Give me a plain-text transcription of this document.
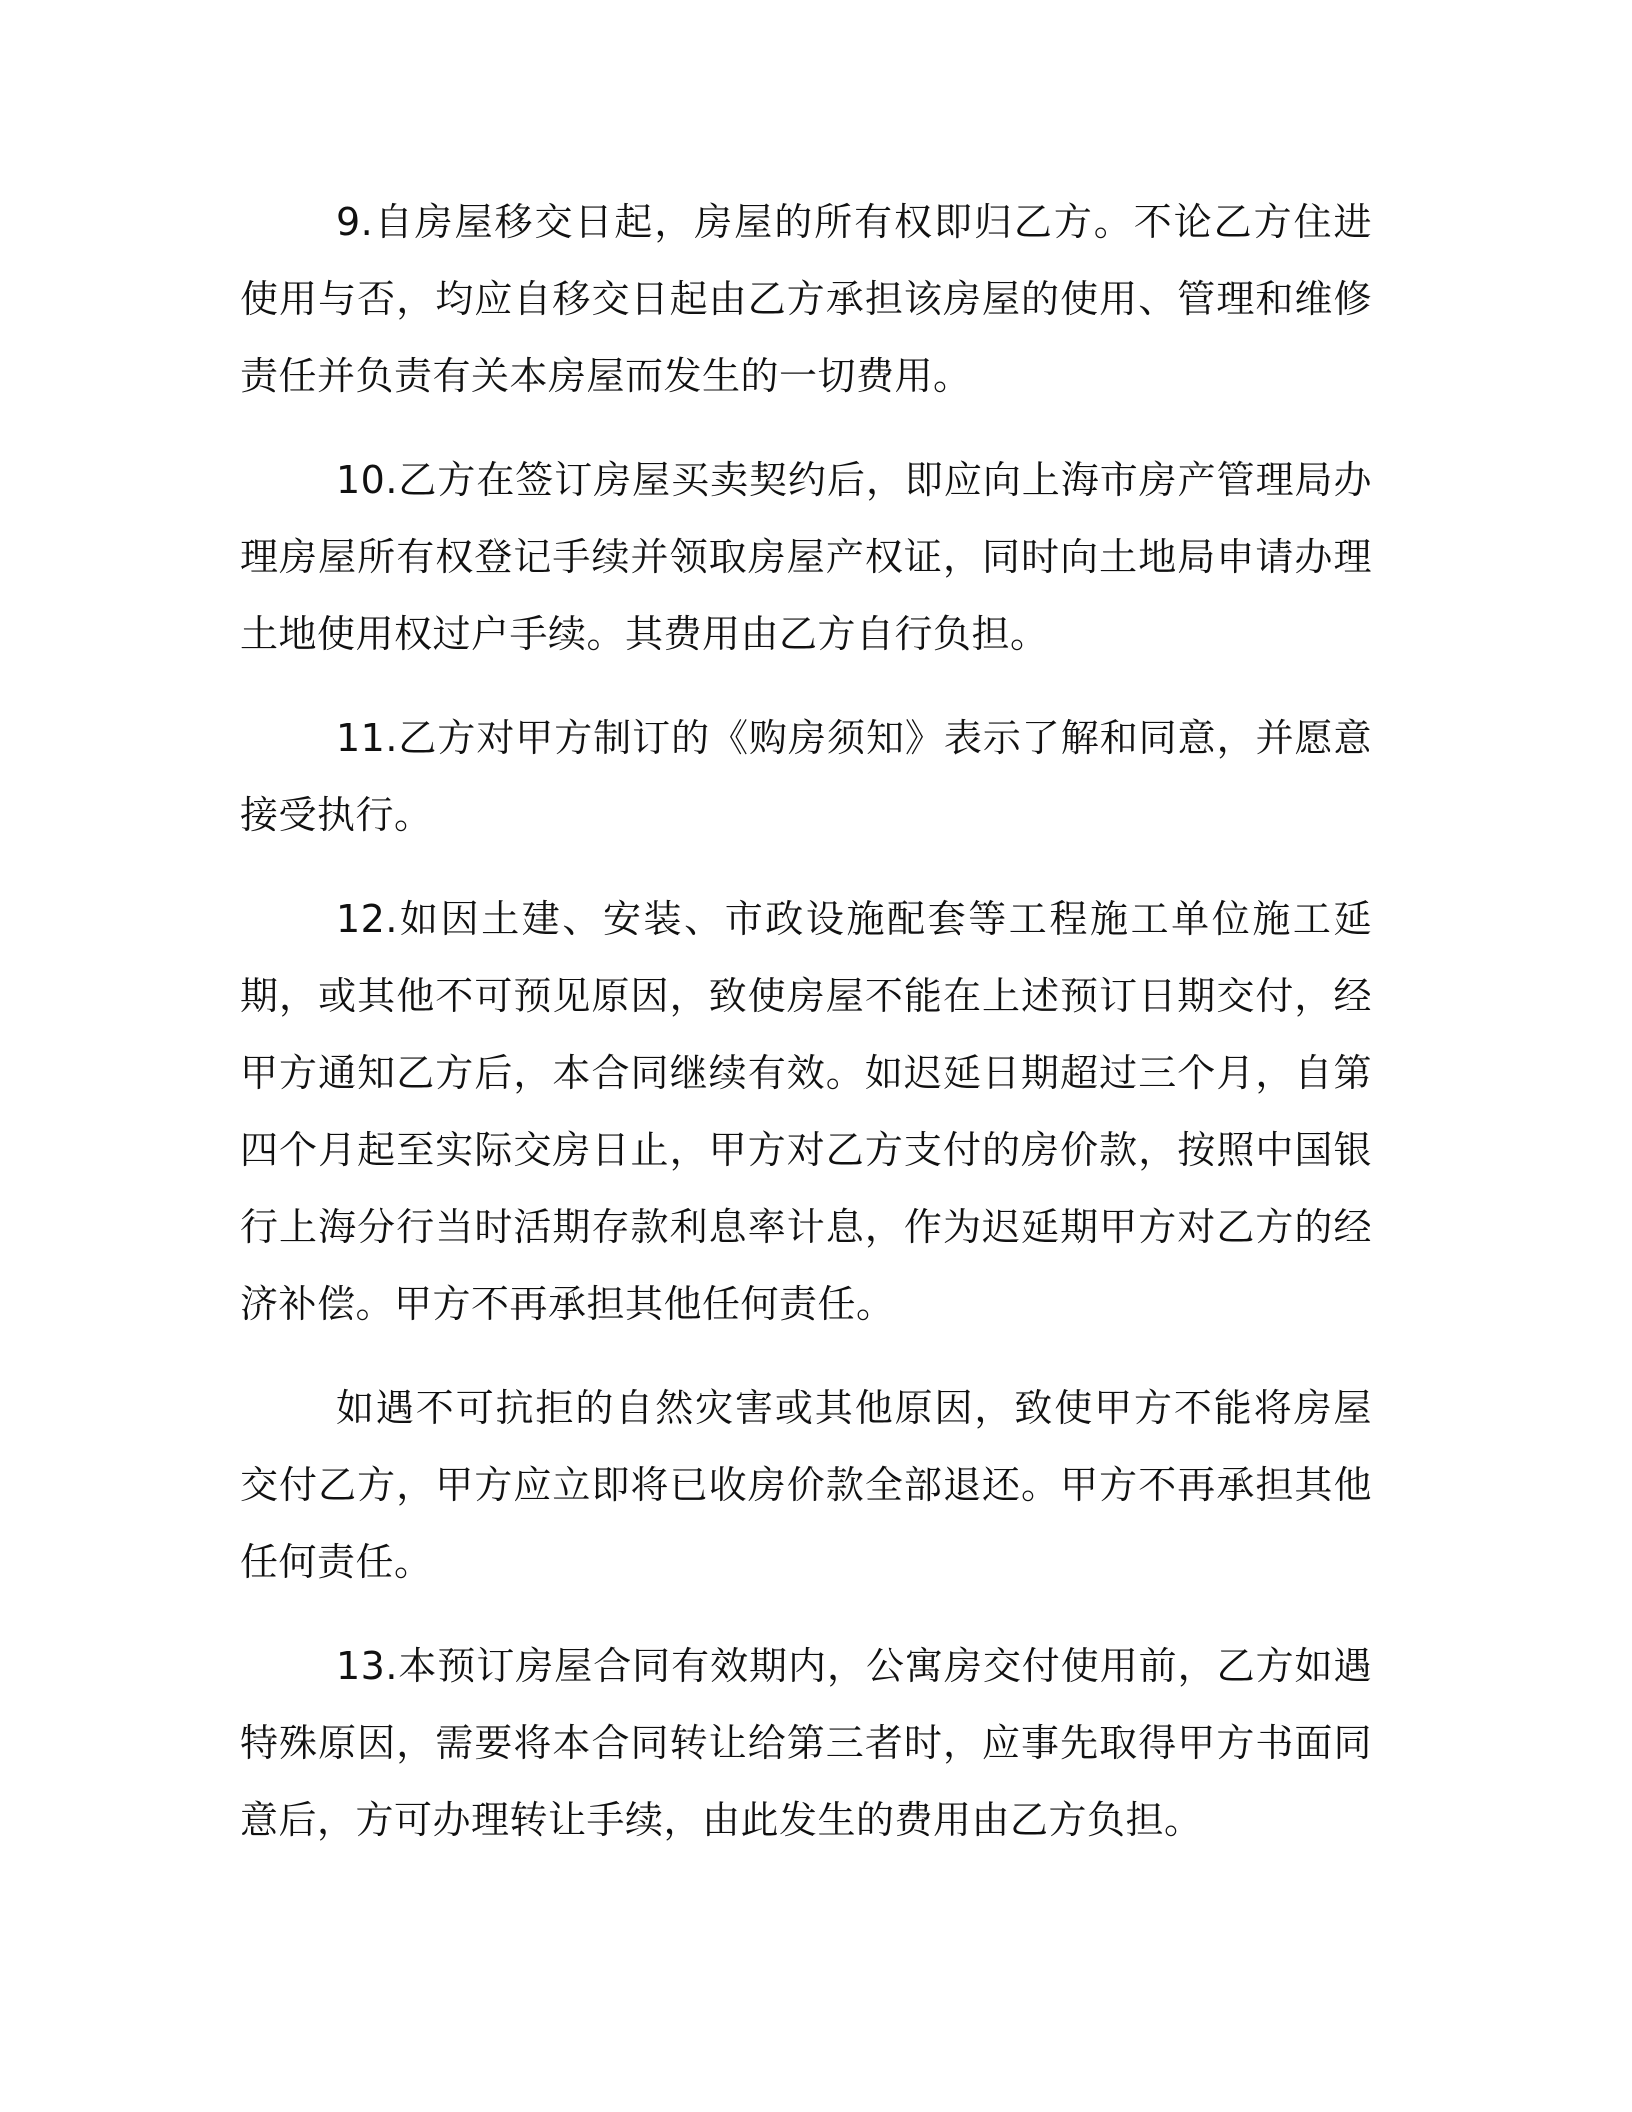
9.自房屋移交日起，房屋的所有权即归乙方。不论乙方住进使用与否，均应自移交日起由乙方承担该房屋的使用、管理和维修责任并负责有关本房屋而发生的一切费用。

10.乙方在签订房屋买卖契约后，即应向上海市房产管理局办理房屋所有权登记手续并领取房屋产权证，同时向土地局申请办理土地使用权过户手续。其费用由乙方自行负担。

11.乙方对甲方制订的《购房须知》表示了解和同意，并愿意接受执行。

12.如因土建、安装、市政设施配套等工程施工单位施工延期，或其他不可预见原因，致使房屋不能在上述预订日期交付，经甲方通知乙方后，本合同继续有效。如迟延日期超过三个月，自第四个月起至实际交房日止，甲方对乙方支付的房价款，按照中国银行上海分行当时活期存款利息率计息，作为迟延期甲方对乙方的经济补偿。甲方不再承担其他任何责任。

如遇不可抗拒的自然灾害或其他原因，致使甲方不能将房屋交付乙方，甲方应立即将已收房价款全部退还。甲方不再承担其他任何责任。

13.本预订房屋合同有效期内，公寓房交付使用前，乙方如遇特殊原因，需要将本合同转让给第三者时，应事先取得甲方书面同意后，方可办理转让手续，由此发生的费用由乙方负担。
